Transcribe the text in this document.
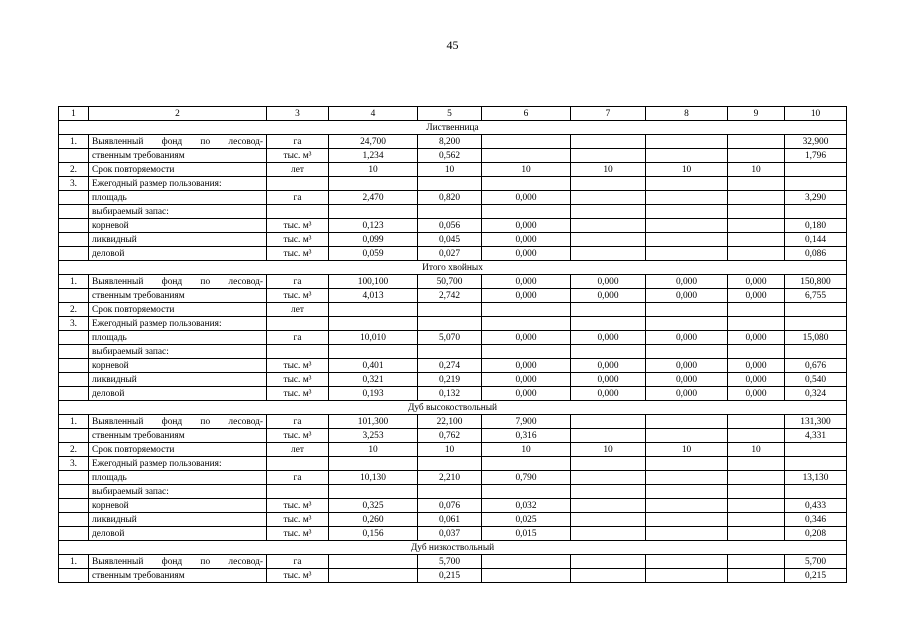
45
1	2	3	4	5	6	7	8	9	10
Лиственница									
1.	Выявленный фонд по лесовод-	га	24,700	8,200					32,900
	ственным требованиям	тыс. м³	1,234	0,562					1,796
2.	Срок повторяемости	лет	10	10	10	10	10	10	
3.	Ежегодный размер пользования:								
	площадь	га	2,470	0,820	0,000				3,290
	выбираемый запас:								
	корневой	тыс. м³	0,123	0,056	0,000				0,180
	ликвидный	тыс. м³	0,099	0,045	0,000				0,144
	деловой	тыс. м³	0,059	0,027	0,000				0,086
Итого хвойных									
1.	Выявленный фонд по лесовод-	га	100,100	50,700	0,000	0,000	0,000	0,000	150,800
	ственным требованиям	тыс. м³	4,013	2,742	0,000	0,000	0,000	0,000	6,755
2.	Срок повторяемости	лет							
3.	Ежегодный размер пользования:								
	площадь	га	10,010	5,070	0,000	0,000	0,000	0,000	15,080
	выбираемый запас:								
	корневой	тыс. м³	0,401	0,274	0,000	0,000	0,000	0,000	0,676
	ликвидный	тыс. м³	0,321	0,219	0,000	0,000	0,000	0,000	0,540
	деловой	тыс. м³	0,193	0,132	0,000	0,000	0,000	0,000	0,324
Дуб высокоствольный									
1.	Выявленный фонд по лесовод-	га	101,300	22,100	7,900				131,300
	ственным требованиям	тыс. м³	3,253	0,762	0,316				4,331
2.	Срок повторяемости	лет	10	10	10	10	10	10	
3.	Ежегодный размер пользования:								
	площадь	га	10,130	2,210	0,790				13,130
	выбираемый запас:								
	корневой	тыс. м³	0,325	0,076	0,032				0,433
	ликвидный	тыс. м³	0,260	0,061	0,025				0,346
	деловой	тыс. м³	0,156	0,037	0,015				0,208
Дуб низкоствольный									
1.	Выявленный фонд по лесовод-	га		5,700					5,700
	ственным требованиям	тыс. м³		0,215					0,215
